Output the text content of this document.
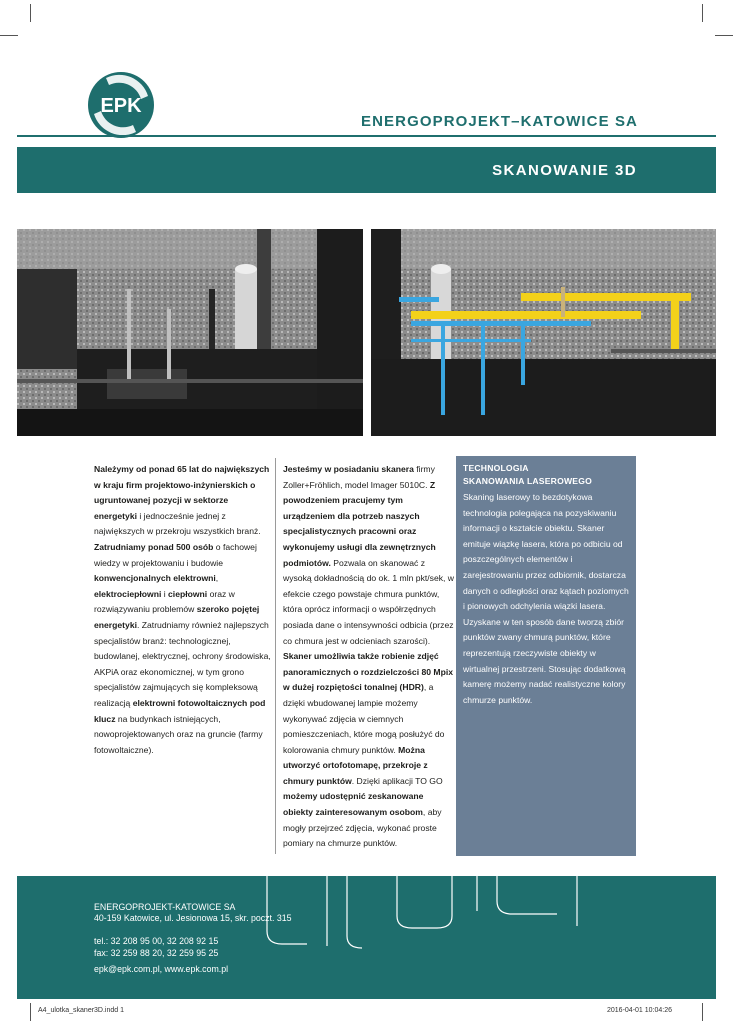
EPK
ENERGOPROJEKT–KATOWICE SA
SKANOWANIE 3D
Należymy od ponad 65 lat do największych w kraju firm projektowo-inżynierskich o ugruntowanej pozycji w sektorze energetyki i jednocześnie jednej z największych w przekroju wszystkich branż. Zatrudniamy ponad 500 osób o fachowej wiedzy w projektowaniu i budowie konwencjonalnych elektrowni, elektrociepłowni i ciepłowni oraz w rozwiązywaniu problemów szeroko pojętej energetyki. Zatrudniamy również najlepszych specjalistów branż: technologicznej, budowlanej, elektrycznej, ochrony środowiska, AKPiA oraz ekonomicznej, w tym grono specjalistów zajmujących się kompleksową realizacją elektrowni fotowoltaicznych pod klucz na budynkach istniejących, nowoprojektowanych oraz na gruncie (farmy fotowoltaiczne).
Jesteśmy w posiadaniu skanera firmy Zoller+Fröhlich, model Imager 5010C. Z powodzeniem pracujemy tym urządzeniem dla potrzeb naszych specjalistycznych pracowni oraz wykonujemy usługi dla zewnętrznych podmiotów. Pozwala on skanować z wysoką dokładnością do ok. 1 mln pkt/sek, w efekcie czego powstaje chmura punktów, która oprócz informacji o współrzędnych posiada dane o intensywności odbicia (przez co chmura jest w odcieniach szarości). Skaner umożliwia także robienie zdjęć panoramicznych o rozdzielczości 80 Mpix w dużej rozpiętości tonalnej (HDR), a dzięki wbudowanej lampie możemy wykonywać zdjęcia w ciemnych pomieszczeniach, które mogą posłużyć do kolorowania chmury punktów. Można utworzyć ortofotomapę, przekroje z chmury punktów. Dzięki aplikacji TO GO możemy udostępnić zeskanowane obiekty zainteresowanym osobom, aby mogły przejrzeć zdjęcia, wykonać proste pomiary na chmurze punktów.
TECHNOLOGIA
SKANOWANIA LASEROWEGO
Skaning laserowy to bezdotykowa technologia polegająca na pozyskiwaniu informacji o kształcie obiektu. Skaner emituje wiązkę lasera, która po odbiciu od poszczególnych elementów i zarejestrowaniu przez odbiornik, dostarcza danych o odległości oraz kątach poziomych i pionowych odchylenia wiązki lasera. Uzyskane w ten sposób dane tworzą zbiór punktów zwany chmurą punktów, które reprezentują rzeczywiste obiekty w wirtualnej przestrzeni. Stosując dodatkową kamerę możemy nadać realistyczne kolory chmurze punktów.
ENERGOPROJEKT-KATOWICE SA
40-159 Katowice, ul. Jesionowa 15, skr. poczt. 315
tel.: 32 208 95 00, 32 208 92 15
fax: 32 259 88 20, 32 259 95 25
epk@epk.com.pl, www.epk.com.pl
A4_ulotka_skaner3D.indd 1	2016-04-01 10:04:26
